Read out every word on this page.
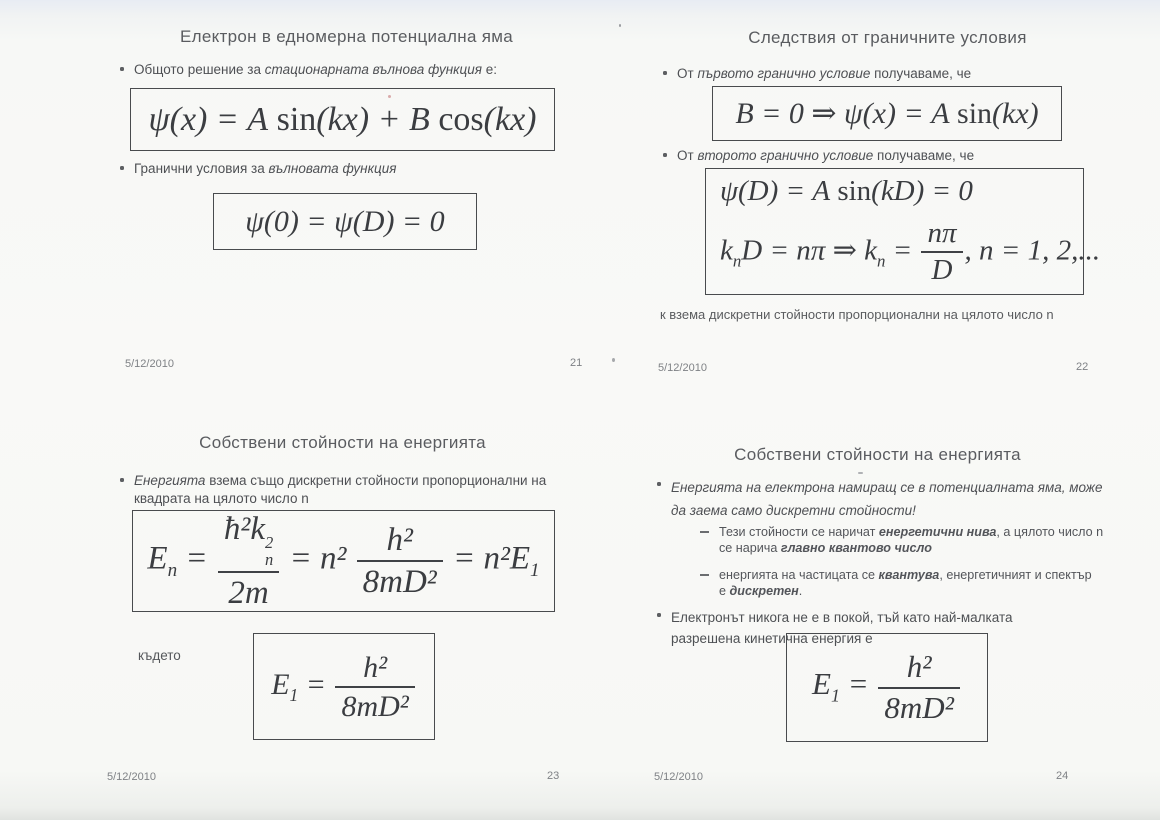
Електрон в едномерна потенциална яма
Общото решение за стационарната вълнова функция е:
ψ(x) = A sin(kx) + B cos(kx)
Гранични условия за вълновата функция
ψ(0) = ψ(D) = 0
5/12/2010	21
Следствия от граничните условия
От първото гранично условие получаваме, че
B = 0 ⇒ ψ(x) = A sin(kx)
От второто гранично условие получаваме, че
ψ(D) = A sin(kD) = 0
$k_nD = n\pi$ ⇒ $k_n = \frac{n\pi}{D}$ , n = 1, 2,...
к взема дискретни стойности пропорционални на цялото число n
5/12/2010	22
Собствени стойности на енергията
Енергията взема също дискретни стойности пропорционални на квадрата на цялото число n
$E_n$ = ħ²k 2
n
$2m = n^2 \frac{\text{h²}}{\text{8mD²}} = n^2E_1$
където
$E_1 = \frac{\text{h²}}{\text{8mD²}}$
5/12/2010	23
Собствени стойности на енергията
Енергията на електрона намиращ се в потенциалната яма, може да заема само дискретни стойности!
Тези стойности се наричат енергетични нива, а цялото число n се нарича главно квантово число
енергията на частицата се квантува, енергетичният и спектър е дискретен.
Електронът никога не е в покой, тъй като най-малката разрешена кинетична енергия е
$E_1 = \frac{\text{h²}}{\text{8mD²}}$
5/12/2010	24
